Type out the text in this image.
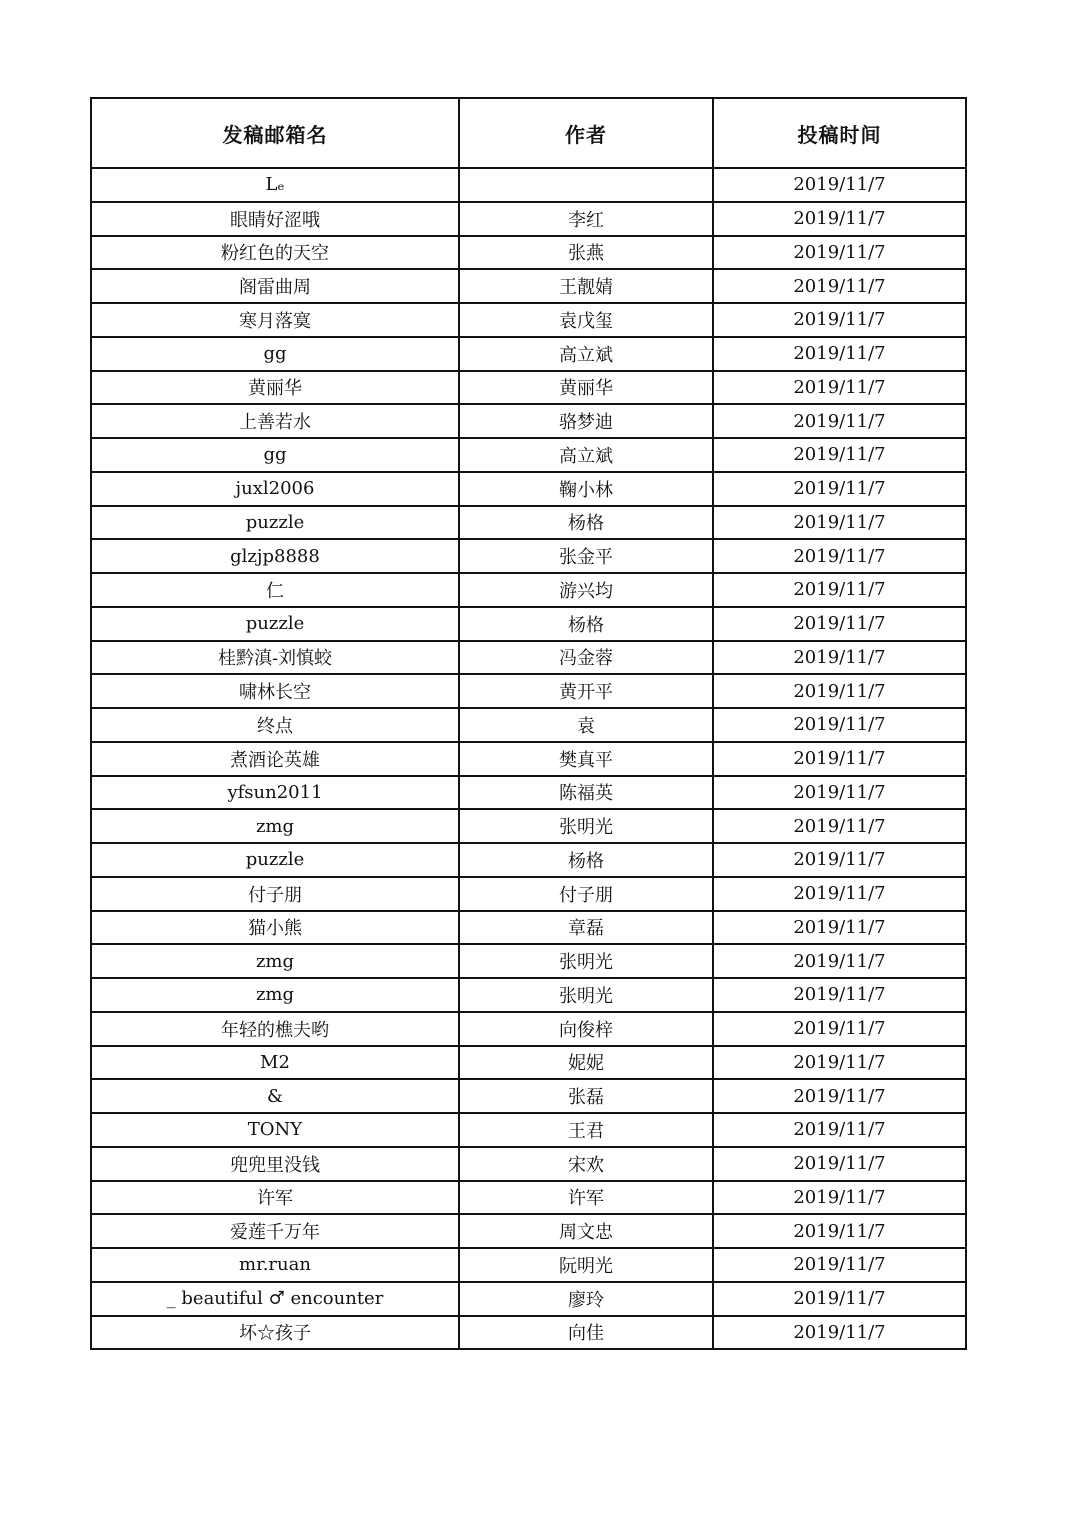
发稿邮箱名	作者	投稿时间
Lₑ		2019/11/7
眼睛好涩哦	李红	2019/11/7
粉红色的天空	张燕	2019/11/7
阁雷曲周	王靓婧	2019/11/7
寒月落寞	袁戊玺	2019/11/7
gg	高立斌	2019/11/7
黄丽华	黄丽华	2019/11/7
上善若水	骆梦迪	2019/11/7
gg	高立斌	2019/11/7
juxl2006	鞠小林	2019/11/7
puzzle	杨格	2019/11/7
glzjp8888	张金平	2019/11/7
仁	游兴均	2019/11/7
puzzle	杨格	2019/11/7
桂黔滇-刘慎蛟	冯金蓉	2019/11/7
啸林长空	黄开平	2019/11/7
终点	袁	2019/11/7
煮酒论英雄	樊真平	2019/11/7
yfsun2011	陈福英	2019/11/7
zmg	张明光	2019/11/7
puzzle	杨格	2019/11/7
付子朋	付子朋	2019/11/7
猫小熊	章磊	2019/11/7
zmg	张明光	2019/11/7
zmg	张明光	2019/11/7
年轻的樵夫哟	向俊梓	2019/11/7
M2	妮妮	2019/11/7
&	张磊	2019/11/7
TONY	王君	2019/11/7
兜兜里没钱	宋欢	2019/11/7
许军	许军	2019/11/7
爱莲千万年	周文忠	2019/11/7
mr.ruan	阮明光	2019/11/7
_ beautiful ♂ encounter	廖玲	2019/11/7
坏☆孩子	向佳	2019/11/7
